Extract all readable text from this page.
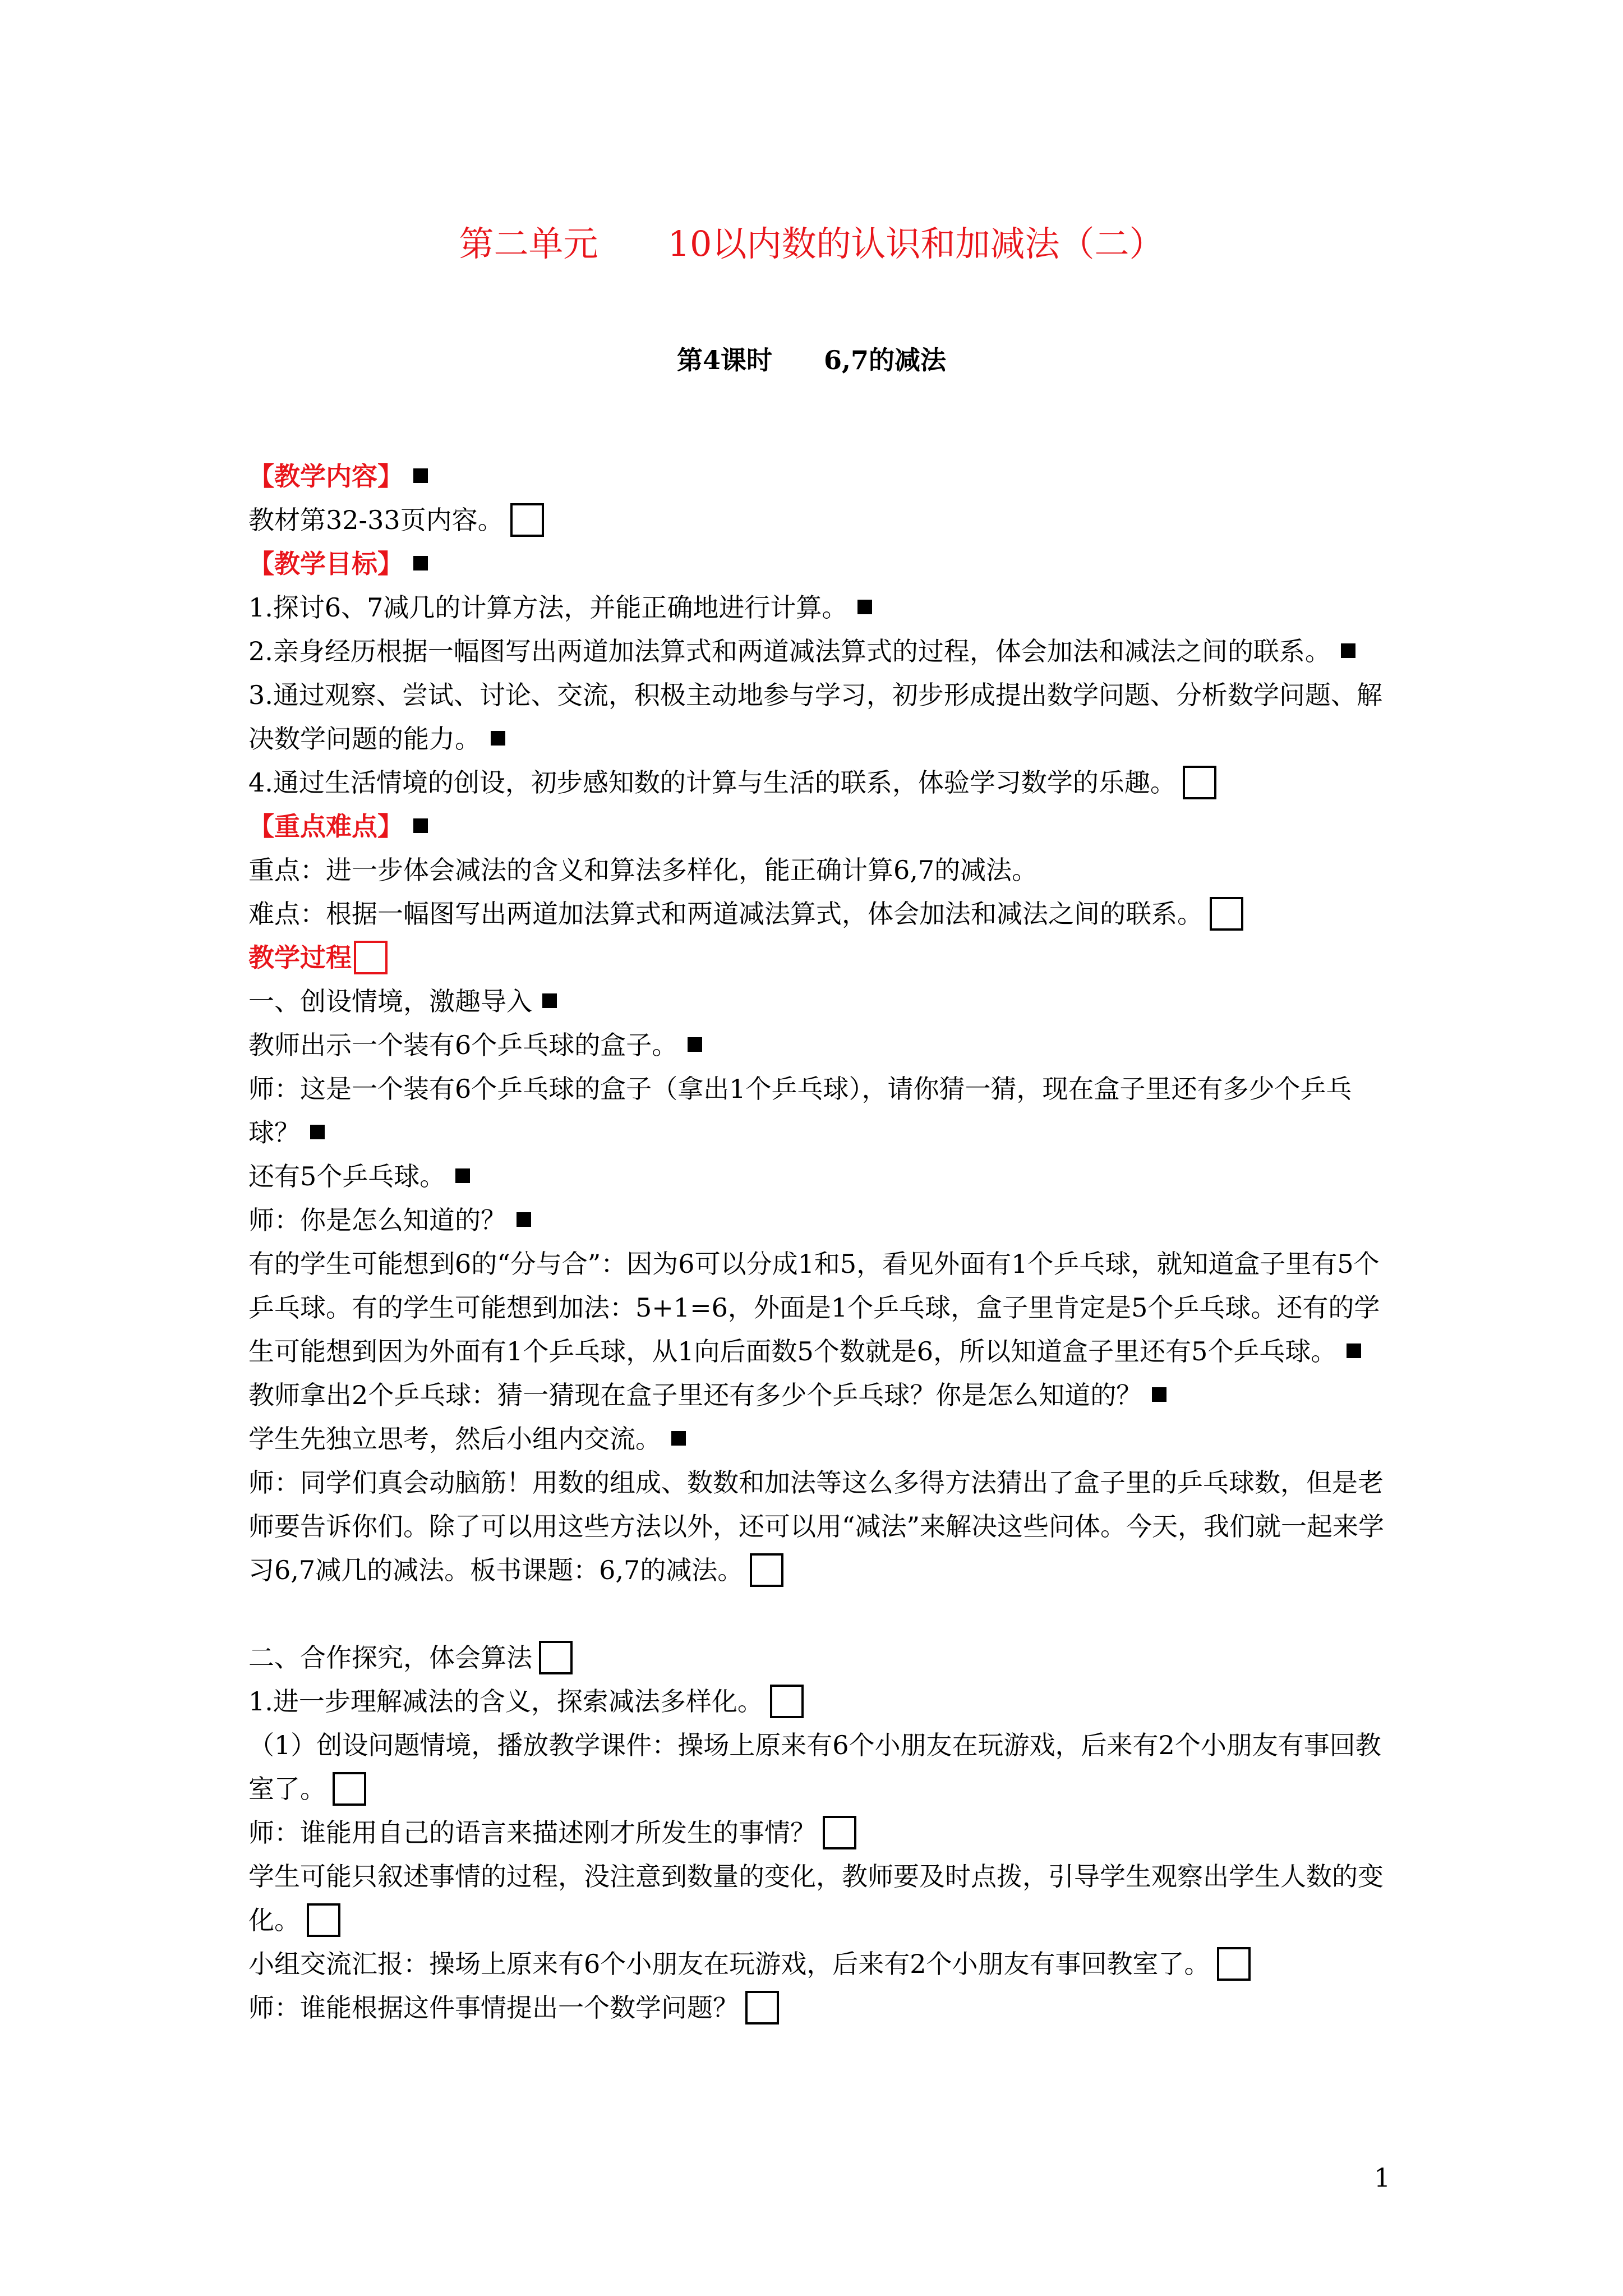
第二单元　　10以内数的认识和加减法（二）
第4课时　　6,7的减法

【教学内容】

教材第32-33页内容。

【教学目标】

1.探讨6、7减几的计算方法，并能正确地进行计算。

2.亲身经历根据一幅图写出两道加法算式和两道减法算式的过程，体会加法和减法之间的联系。

3.通过观察、尝试、讨论、交流，积极主动地参与学习，初步形成提出数学问题、分析数学问题、解决数学问题的能力。

4.通过生活情境的创设，初步感知数的计算与生活的联系，体验学习数学的乐趣。

【重点难点】

重点：进一步体会减法的含义和算法多样化，能正确计算6,7的减法。

难点：根据一幅图写出两道加法算式和两道减法算式，体会加法和减法之间的联系。

教学过程

一、创设情境，激趣导入

教师出示一个装有6个乒乓球的盒子。

师：这是一个装有6个乒乓球的盒子（拿出1个乒乓球），请你猜一猜，现在盒子里还有多少个乒乓球？

还有5个乒乓球。

师：你是怎么知道的？

有的学生可能想到6的“分与合”：因为6可以分成1和5，看见外面有1个乒乓球，就知道盒子里有5个乒乓球。有的学生可能想到加法：5+1=6，外面是1个乒乓球，盒子里肯定是5个乒乓球。还有的学生可能想到因为外面有1个乒乓球，从1向后面数5个数就是6，所以知道盒子里还有5个乒乓球。

教师拿出2个乒乓球：猜一猜现在盒子里还有多少个乒乓球？你是怎么知道的？

学生先独立思考，然后小组内交流。

师：同学们真会动脑筋！用数的组成、数数和加法等这么多得方法猜出了盒子里的乒乓球数，但是老师要告诉你们。除了可以用这些方法以外，还可以用“减法”来解决这些问体。今天，我们就一起来学习6,7减几的减法。板书课题：6,7的减法。

二、合作探究，体会算法

1.进一步理解减法的含义，探索减法多样化。

（1）创设问题情境，播放教学课件：操场上原来有6个小朋友在玩游戏，后来有2个小朋友有事回教室了。

师：谁能用自己的语言来描述刚才所发生的事情？

学生可能只叙述事情的过程，没注意到数量的变化，教师要及时点拨，引导学生观察出学生人数的变化。

小组交流汇报：操场上原来有6个小朋友在玩游戏，后来有2个小朋友有事回教室了。

师：谁能根据这件事情提出一个数学问题？

1
